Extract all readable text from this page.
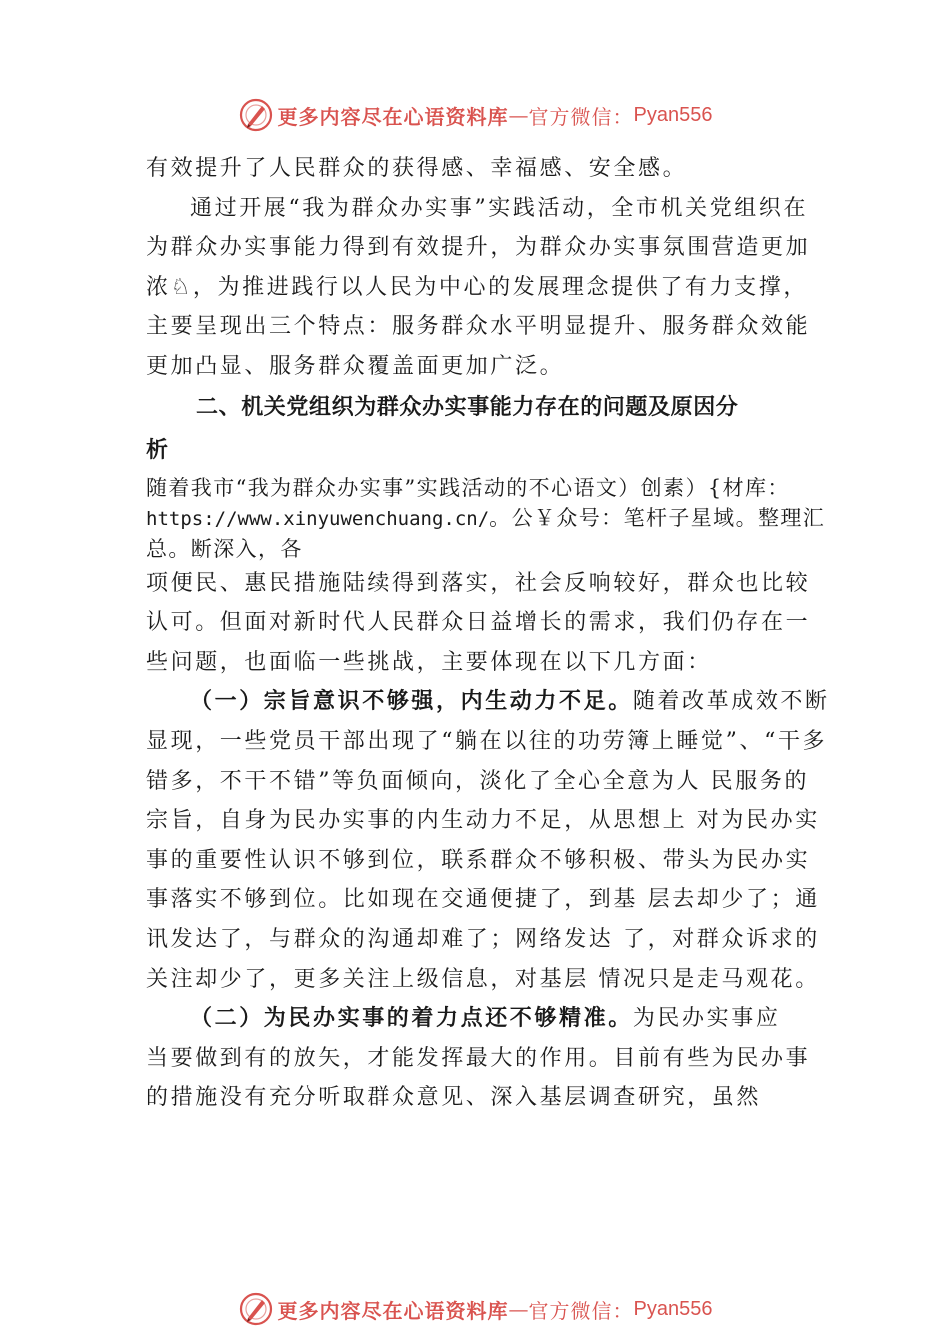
更多内容尽在心语资料库 — 官方微信： Pyan556

有效提升了人民群众的获得感、幸福感、安全感。

通过开展“我为群众办实事”实践活动，全市机关党组织在为群众办实事能力得到有效提升，为群众办实事氛围营造更加浓♘，为推进践行以人民为中心的发展理念提供了有力支撑，主要呈现出三个特点：服务群众水平明显提升、服务群众效能更加凸显、服务群众覆盖面更加广泛。

二、机关党组织为群众办实事能力存在的问题及原因分

析

随着我市“我为群众办实事”实践活动的不心语文）创素）{材库：https://www.xinyuwenchuang.cn/。公￥众号：笔杆子星域。整理汇总。断深入，各

项便民、惠民措施陆续得到落实，社会反响较好，群众也比较认可。但面对新时代人民群众日益增长的需求，我们仍存在一些问题，也面临一些挑战，主要体现在以下几方面：

（一）宗旨意识不够强，内生动力不足。随着改革成效不断显现，一些党员干部出现了“躺在以往的功劳簿上睡觉”、“干多错多，不干不错”等负面倾向，淡化了全心全意为人 民服务的宗旨，自身为民办实事的内生动力不足，从思想上 对为民办实事的重要性认识不够到位，联系群众不够积极、带头为民办实事落实不够到位。比如现在交通便捷了，到基 层去却少了；通讯发达了，与群众的沟通却难了；网络发达 了，对群众诉求的关注却少了，更多关注上级信息，对基层 情况只是走马观花。

（二）为民办实事的着力点还不够精准。为民办实事应

当要做到有的放矢，才能发挥最大的作用。目前有些为民办事的措施没有充分听取群众意见、深入基层调查研究，虽然

更多内容尽在心语资料库 — 官方微信： Pyan556
